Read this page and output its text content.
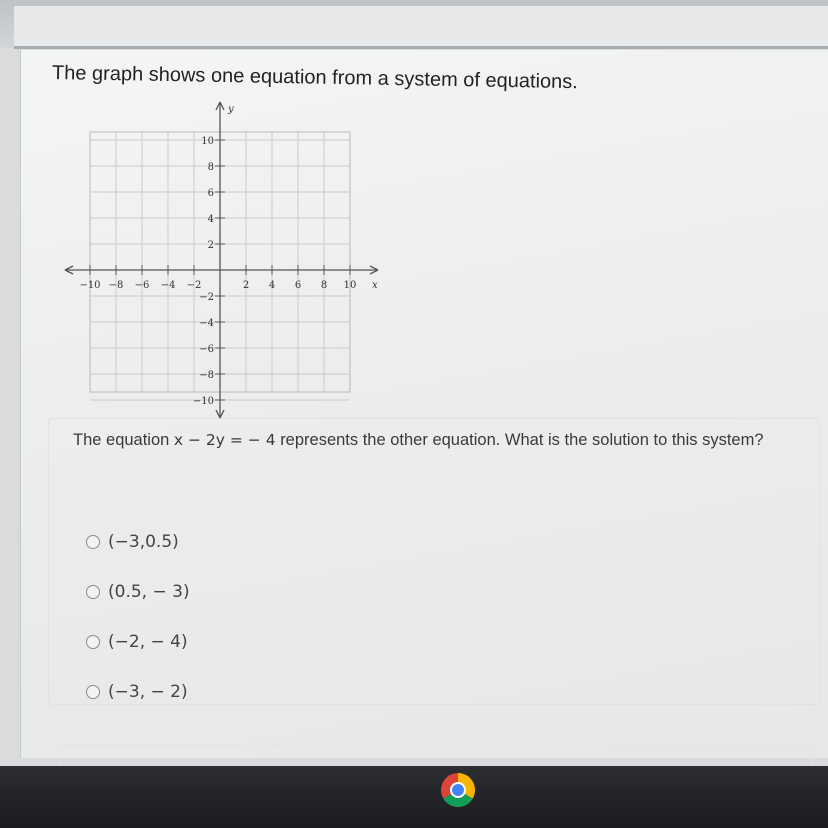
The graph shows one equation from a system of equations.
−10 −8 −6 −4 −2	2 4 6 8 10
10
8
6
4
2
−2
−4
−6
−8
−10
x
y
The equation x − 2y = − 4 represents the other equation. What is the solution to this system?
(−3,0.5)
(0.5, − 3)
(−2, − 4)
(−3, − 2)
